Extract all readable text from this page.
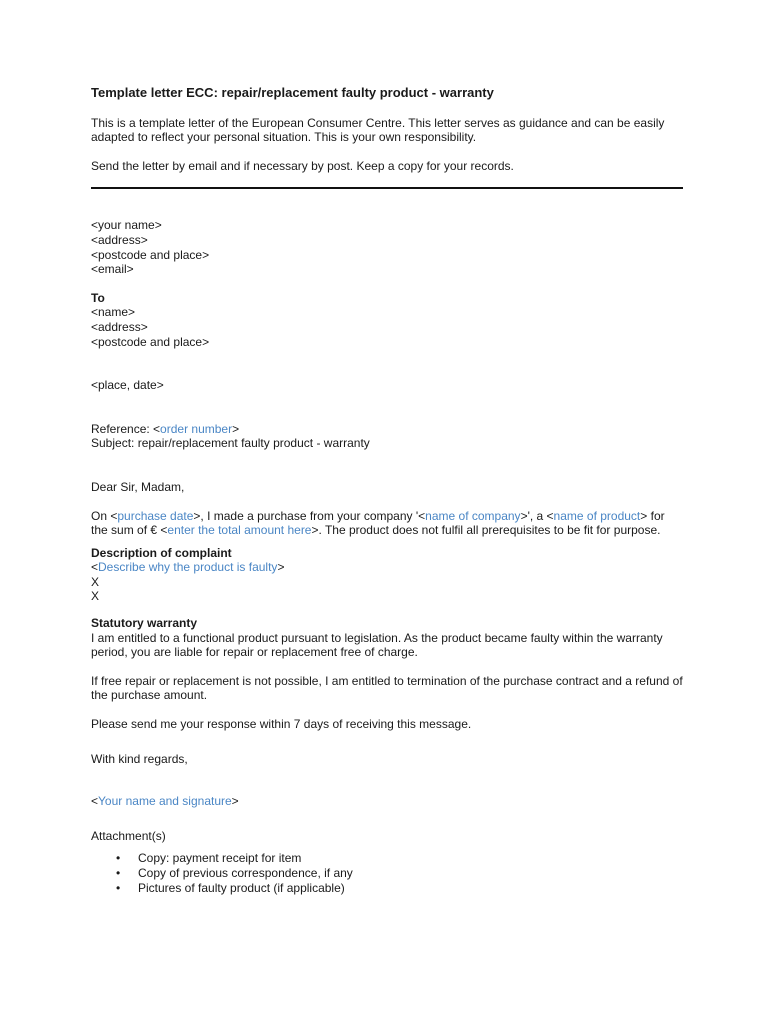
Template letter ECC: repair/replacement faulty product - warranty

This is a template letter of the European Consumer Centre. This letter serves as guidance and can be easily adapted to reflect your personal situation. This is your own responsibility.

Send the letter by email and if necessary by post. Keep a copy for your records.

<your name>

<address>

<postcode and place>

<email>

To

<name>

<address>

<postcode and place>

<place, date>

Reference: <order number>

Subject: repair/replacement faulty product - warranty

Dear Sir, Madam,

On <purchase date>, I made a purchase from your company '<name of company>', a <name of product> for the sum of € <enter the total amount here>. The product does not fulfil all prerequisites to be fit for purpose.

Description of complaint

<Describe why the product is faulty>

X

X

Statutory warranty

I am entitled to a functional product pursuant to legislation. As the product became faulty within the warranty period, you are liable for repair or replacement free of charge.

If free repair or replacement is not possible, I am entitled to termination of the purchase contract and a refund of the purchase amount.

Please send me your response within 7 days of receiving this message.

With kind regards,

<Your name and signature>

Attachment(s)

• Copy: payment receipt for item
• Copy of previous correspondence, if any
• Pictures of faulty product (if applicable)
